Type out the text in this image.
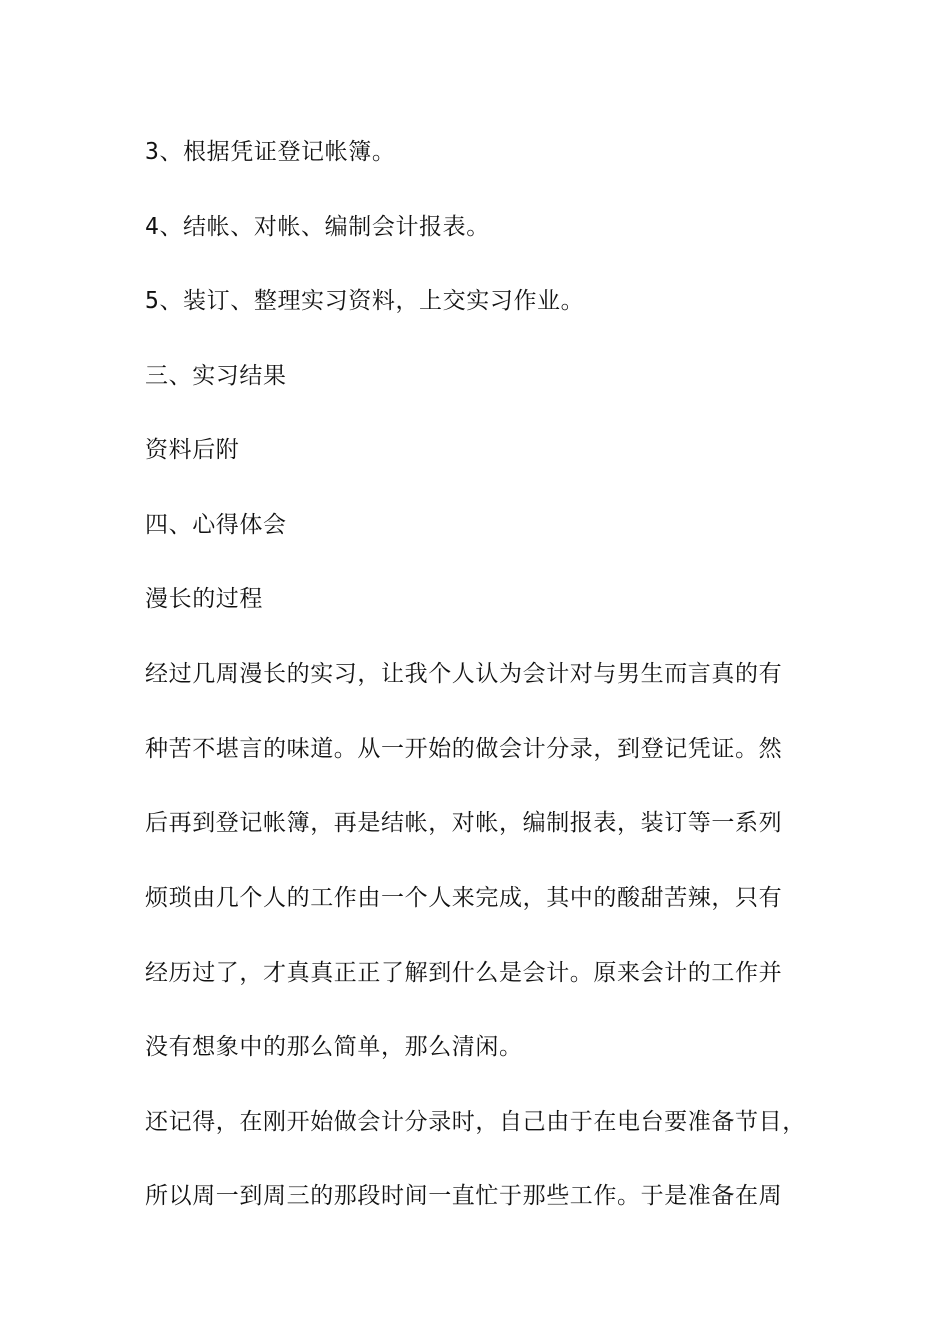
3、根据凭证登记帐簿。

4、结帐、对帐、编制会计报表。

5、装订、整理实习资料，上交实习作业。

三、实习结果

资料后附

四、心得体会

漫长的过程

经过几周漫长的实习，让我个人认为会计对与男生而言真的有

种苦不堪言的味道。从一开始的做会计分录，到登记凭证。然

后再到登记帐簿，再是结帐，对帐，编制报表，装订等一系列

烦琐由几个人的工作由一个人来完成，其中的酸甜苦辣，只有

经历过了，才真真正正了解到什么是会计。原来会计的工作并

没有想象中的那么简单，那么清闲。

还记得，在刚开始做会计分录时，自己由于在电台要准备节目，

所以周一到周三的那段时间一直忙于那些工作。于是准备在周
